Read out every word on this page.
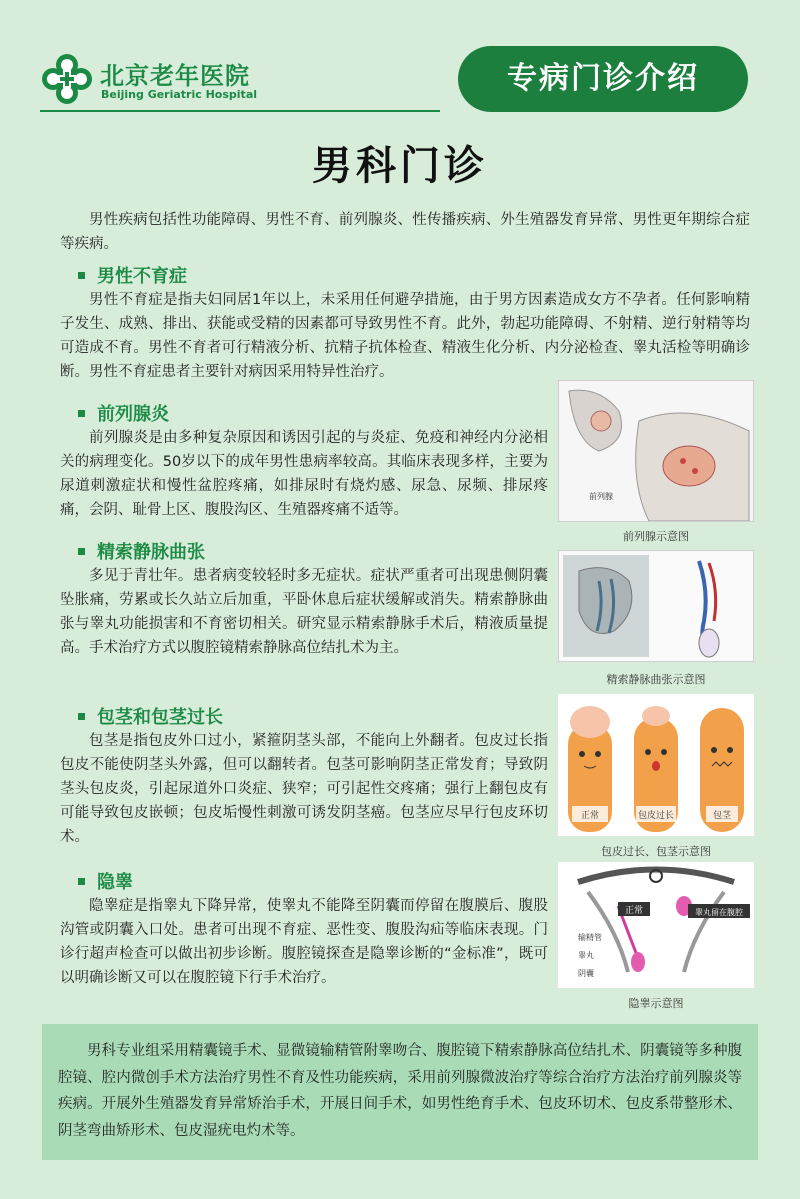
北京老年医院
Beijing Geriatric Hospital	专病门诊介绍
男科门诊
男性疾病包括性功能障碍、男性不育、前列腺炎、性传播疾病、外生殖器发育异常、男性更年期综合症等疾病。
男性不育症
男性不育症是指夫妇同居1年以上，未采用任何避孕措施，由于男方因素造成女方不孕者。任何影响精子发生、成熟、排出、获能或受精的因素都可导致男性不育。此外，勃起功能障碍、不射精、逆行射精等均可造成不育。男性不育者可行精液分析、抗精子抗体检查、精液生化分析、内分泌检查、睾丸活检等明确诊断。男性不育症患者主要针对病因采用特异性治疗。
前列腺炎
前列腺炎是由多种复杂原因和诱因引起的与炎症、免疫和神经内分泌相关的病理变化。50岁以下的成年男性患病率较高。其临床表现多样，主要为尿道刺激症状和慢性盆腔疼痛，如排尿时有烧灼感、尿急、尿频、排尿疼痛，会阴、耻骨上区、腹股沟区、生殖器疼痛不适等。
前列腺
前列腺示意图
精索静脉曲张
多见于青壮年。患者病变较轻时多无症状。症状严重者可出现患侧阴囊坠胀痛，劳累或长久站立后加重，平卧休息后症状缓解或消失。精索静脉曲张与睾丸功能损害和不育密切相关。研究显示精索静脉手术后，精液质量提高。手术治疗方式以腹腔镜精索静脉高位结扎术为主。
精索静脉曲张示意图
包茎和包茎过长
包茎是指包皮外口过小，紧箍阴茎头部，不能向上外翻者。包皮过长指包皮不能使阴茎头外露，但可以翻转者。包茎可影响阴茎正常发育；导致阴茎头包皮炎，引起尿道外口炎症、狭窄；可引起性交疼痛；强行上翻包皮有可能导致包皮嵌顿；包皮垢慢性刺激可诱发阴茎癌。包茎应尽早行包皮环切术。
正常	包皮过长	包茎
包皮过长、包茎示意图
隐睾
隐睾症是指睾丸下降异常，使睾丸不能降至阴囊而停留在腹膜后、腹股沟管或阴囊入口处。患者可出现不育症、恶性变、腹股沟疝等临床表现。门诊行超声检查可以做出初步诊断。腹腔镜探查是隐睾诊断的“金标准”，既可以明确诊断又可以在腹腔镜下行手术治疗。
正常	睾丸留在腹腔
输精管
睾丸
阴囊
隐睾示意图
男科专业组采用精囊镜手术、显微镜输精管附睾吻合、腹腔镜下精索静脉高位结扎术、阴囊镜等多种腹腔镜、腔内微创手术方法治疗男性不育及性功能疾病，采用前列腺微波治疗等综合治疗方法治疗前列腺炎等疾病。开展外生殖器发育异常矫治手术，开展日间手术，如男性绝育手术、包皮环切术、包皮系带整形术、阴茎弯曲矫形术、包皮湿疣电灼术等。
